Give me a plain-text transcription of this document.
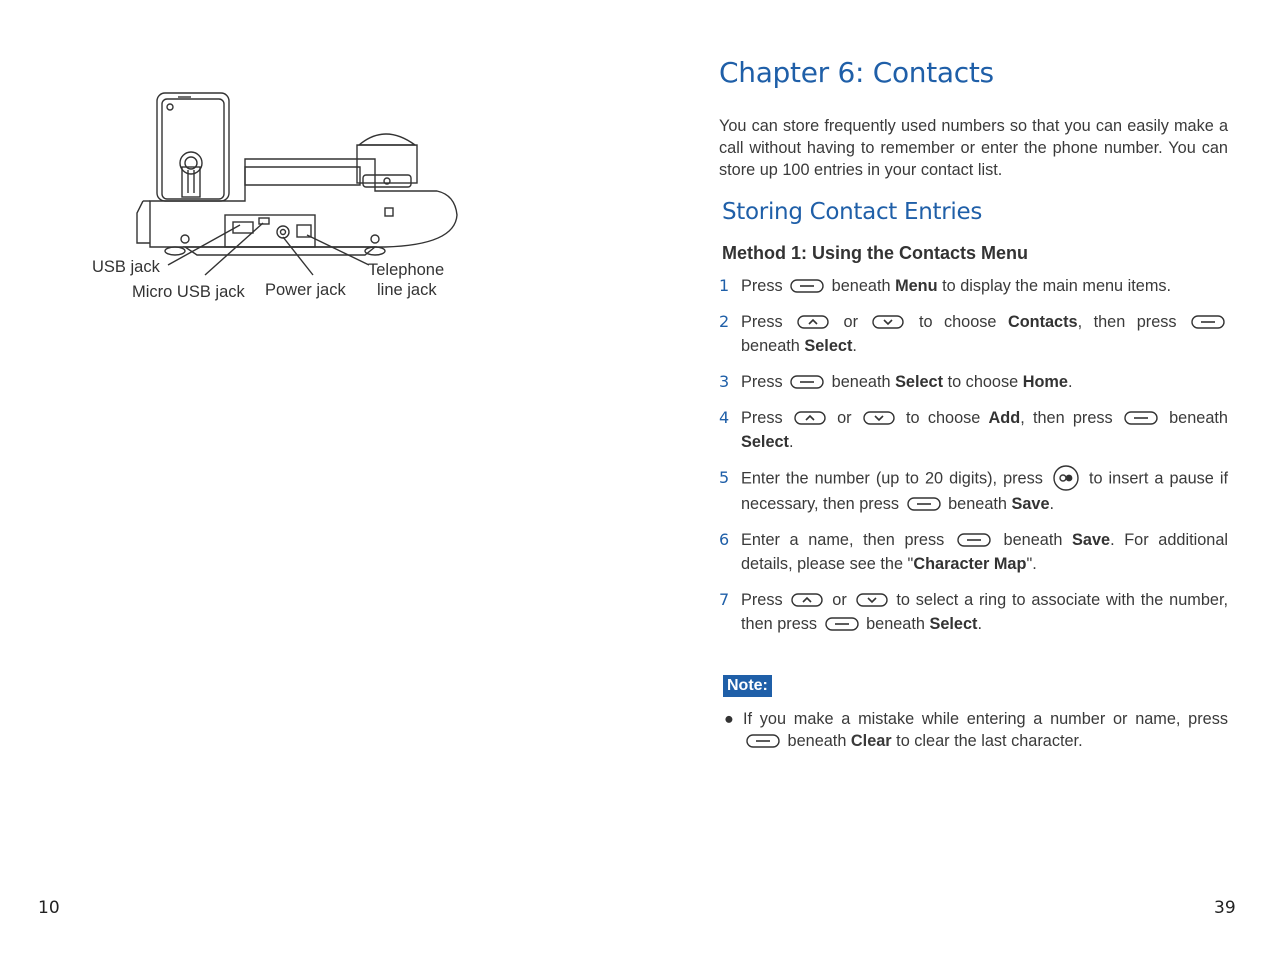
USB jack
Micro USB jack Power jack
Telephone
line jack
10
Chapter 6: Contacts

You can store frequently used numbers so that you can easily make a call without having to remember or enter the phone number. You can store up 100 entries in your contact list.

Storing Contact Entries
Method 1: Using the Contacts Menu
1 Press	beneath Menu to display the main menu items.
2 Press	or
to choose Contacts, then press
beneath Select.
3 Press	beneath Select to choose Home.
4 Press	or
to choose Add, then press
beneath Select.
5 Enter the number (up to 20 digits), press
to insert a pause if necessary, then press
beneath Save.
6 Enter a name, then press
beneath Save. For additional details, please see the "Character Map".
7 Press	or
to select a ring to associate with the number, then press
beneath Select.
Note:
● If you make a mistake while entering a number or name, press
beneath Clear to clear the last character.
39
